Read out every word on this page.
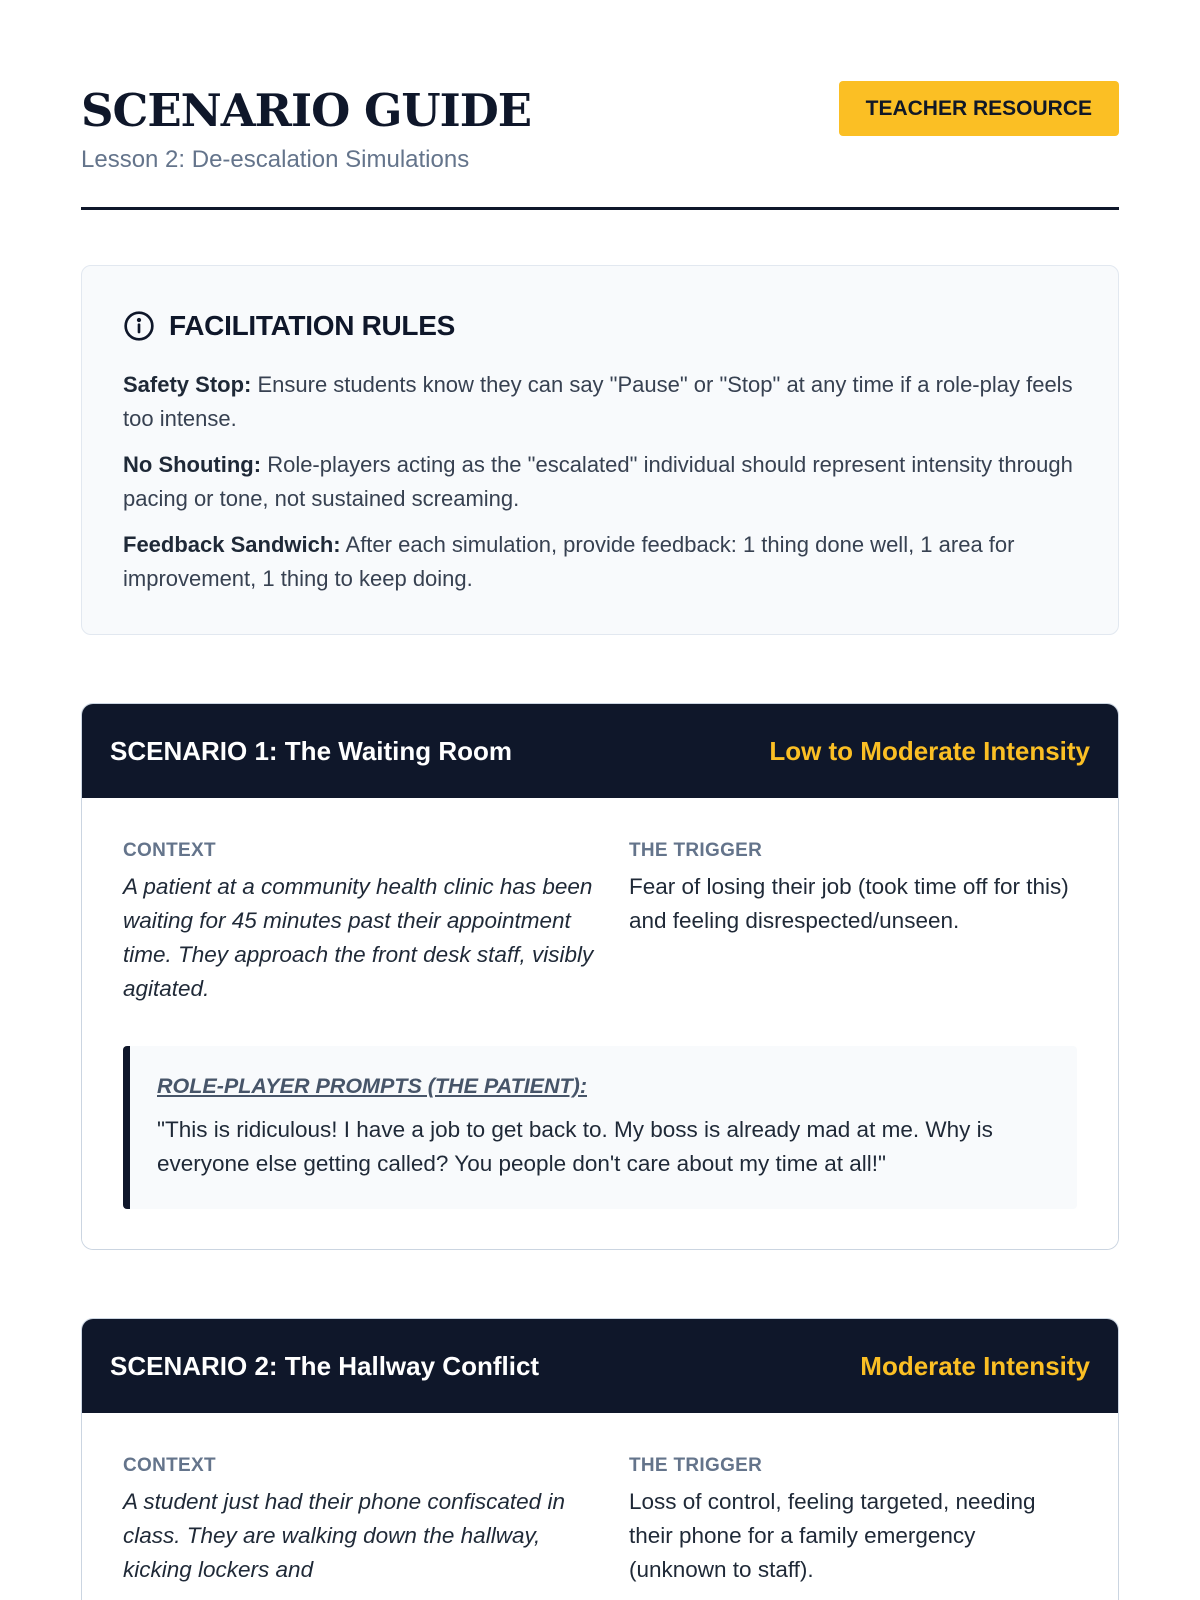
SCENARIO GUIDE
Lesson 2: De-escalation Simulations
TEACHER RESOURCE
FACILITATION RULES

Safety Stop: Ensure students know they can say "Pause" or "Stop" at any time if a role-play feels too intense.

No Shouting: Role-players acting as the "escalated" individual should represent intensity through pacing or tone, not sustained screaming.

Feedback Sandwich: After each simulation, provide feedback: 1 thing done well, 1 area for improvement, 1 thing to keep doing.

SCENARIO 1: The Waiting Room	Low to Moderate Intensity
CONTEXT
A patient at a community health clinic has been waiting for 45 minutes past their appointment time. They approach the front desk staff, visibly agitated.
THE TRIGGER
Fear of losing their job (took time off for this) and feeling disrespected/unseen.
ROLE-PLAYER PROMPTS (THE PATIENT):
"This is ridiculous! I have a job to get back to. My boss is already mad at me. Why is everyone else getting called? You people don't care about my time at all!"
SCENARIO 2: The Hallway Conflict	Moderate Intensity
CONTEXT
A student just had their phone confiscated in class. They are walking down the hallway, kicking lockers and
THE TRIGGER
Loss of control, feeling targeted, needing their phone for a family emergency (unknown to staff).
